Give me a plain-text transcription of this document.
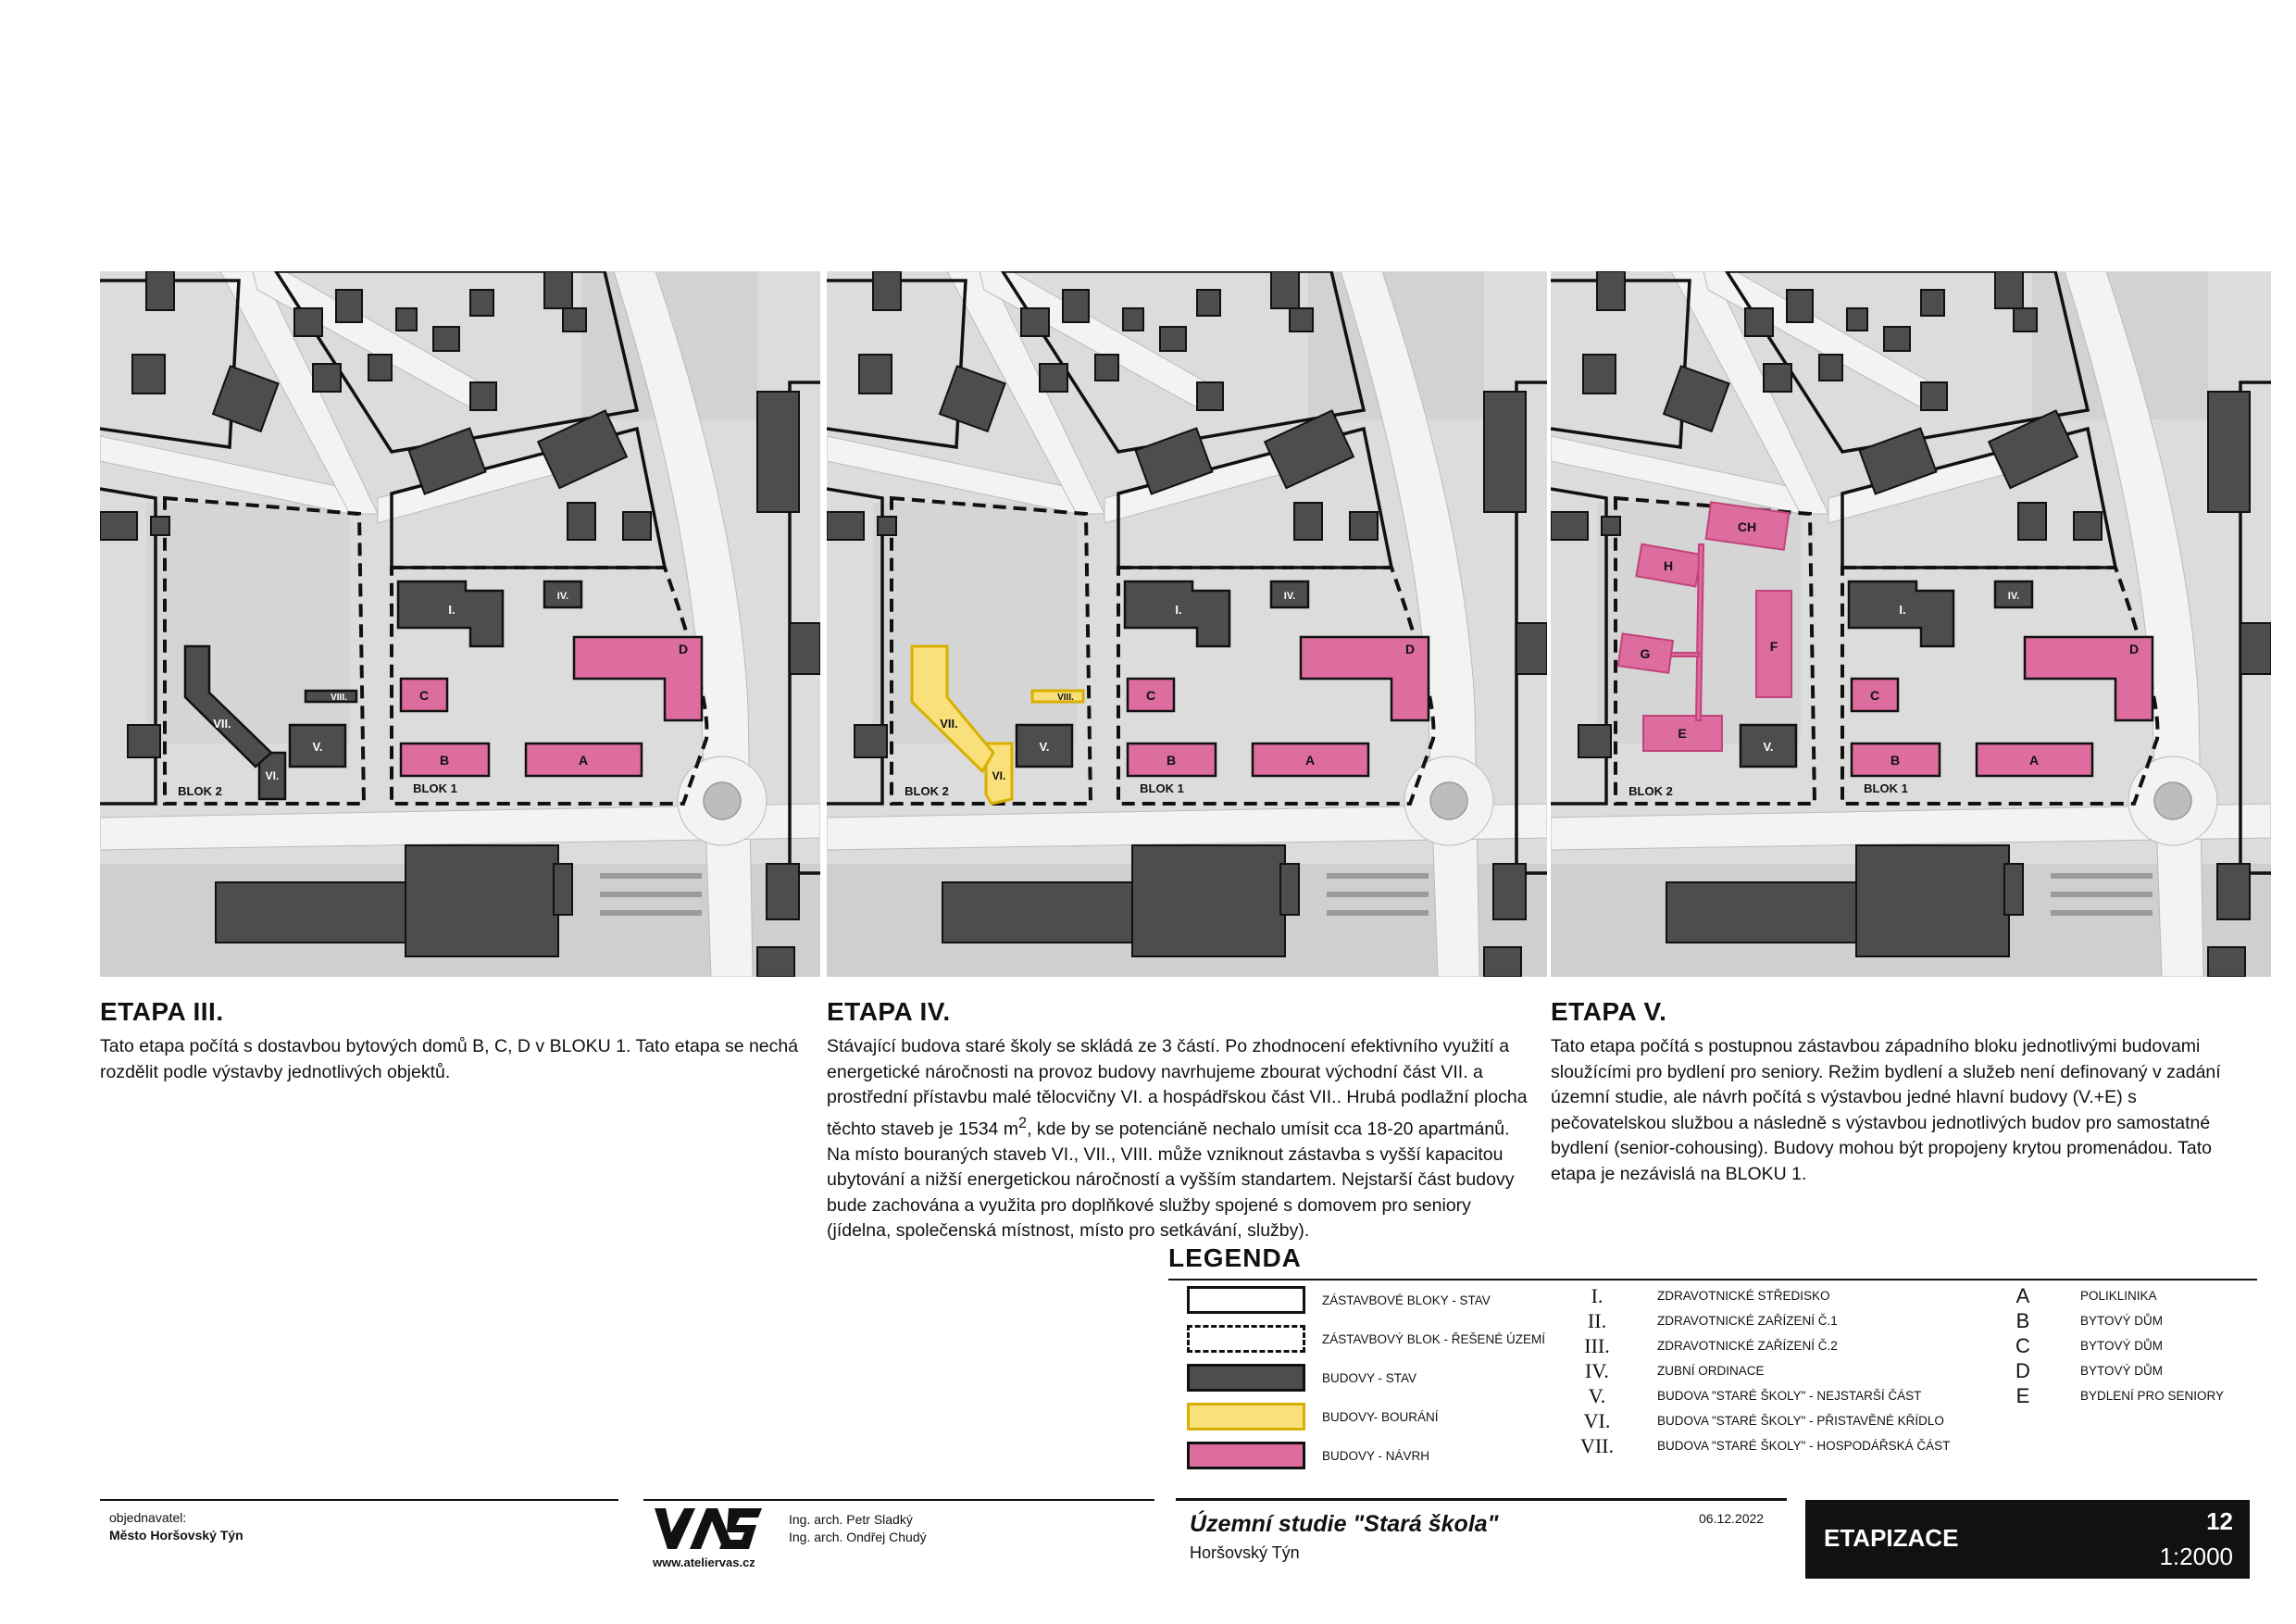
I.
IV.
V.
VI.
VII.
VIII.
A
B
C
D
BLOK 2	BLOK 1
I.
IV.
V.
VI.
VII.
VIII.
A
B
C
D
BLOK 2	BLOK 1
I.
IV.
V.
A
B
C
D
E
F
G
H
CH
BLOK 2	BLOK 1
ETAPA III.

Tato etapa počítá s dostavbou bytových domů B, C, D v BLOKU 1. Tato etapa se nechá rozdělit podle výstavby jednotlivých objektů.

ETAPA IV.

Stávající budova staré školy se skládá ze 3 částí. Po zhodnocení efektivního využití a energetické náročnosti na provoz budovy navrhujeme zbourat východní část VII. a prostřední přístavbu malé tělocvičny VI. a hospádřskou část VII.. Hrubá podlažní plocha těchto staveb je 1534 $m^2$, kde by se potenciáně nechalo umísit cca 18-20 apartmánů. Na místo bouraných staveb VI., VII., VIII. může vzniknout zástavba s vyšší kapacitou ubytování a nižší energetickou náročností a vyšším standartem. Nejstarší část budovy bude zachována a využita pro doplňkové služby spojené s domovem pro seniory (jídelna, společenská místnost, místo pro setkávání, služby).

ETAPA V.

Tato etapa počítá s postupnou zástavbou západního bloku jednotlivými budovami sloužícími pro bydlení pro seniory. Režim bydlení a služeb není definovaný v zadání územní studie, ale návrh počítá s výstavbou jedné hlavní budovy (V.+E) s pečovatelskou službou a následně s výstavbou jednotlivých budov pro samostatné bydlení (senior-cohousing). Budovy mohou být propojeny krytou promenádou. Tato etapa je nezávislá na BLOKU 1.

LEGENDA
ZÁSTAVBOVÉ BLOKY - STAV
ZÁSTAVBOVÝ BLOK - ŘEŠENÉ ÚZEMÍ
BUDOVY - STAV
BUDOVY- BOURÁNÍ
BUDOVY - NÁVRH
I.	ZDRAVOTNICKÉ STŘEDISKO
II.	ZDRAVOTNICKÉ ZAŘÍZENÍ Č.1
III.	ZDRAVOTNICKÉ ZAŘÍZENÍ Č.2
IV.	ZUBNÍ ORDINACE
V.	BUDOVA "STARÉ ŠKOLY" - NEJSTARŠÍ ČÁST
VI.	BUDOVA "STARÉ ŠKOLY" - PŘISTAVĚNÉ KŘÍDLO
VII.	BUDOVA "STARÉ ŠKOLY" - HOSPODÁŘSKÁ ČÁST
A	POLIKLINIKA
B	BYTOVÝ DŮM
C	BYTOVÝ DŮM
D	BYTOVÝ DŮM
E	BYDLENÍ PRO SENIORY
objednavatel:
Město Horšovský Týn
www.ateliervas.cz
Ing. arch. Petr Sladký
Ing. arch. Ondřej Chudý	Územní studie "Stará škola"
Horšovský Týn
06.12.2022
ETAPIZACE
12
1:2000
